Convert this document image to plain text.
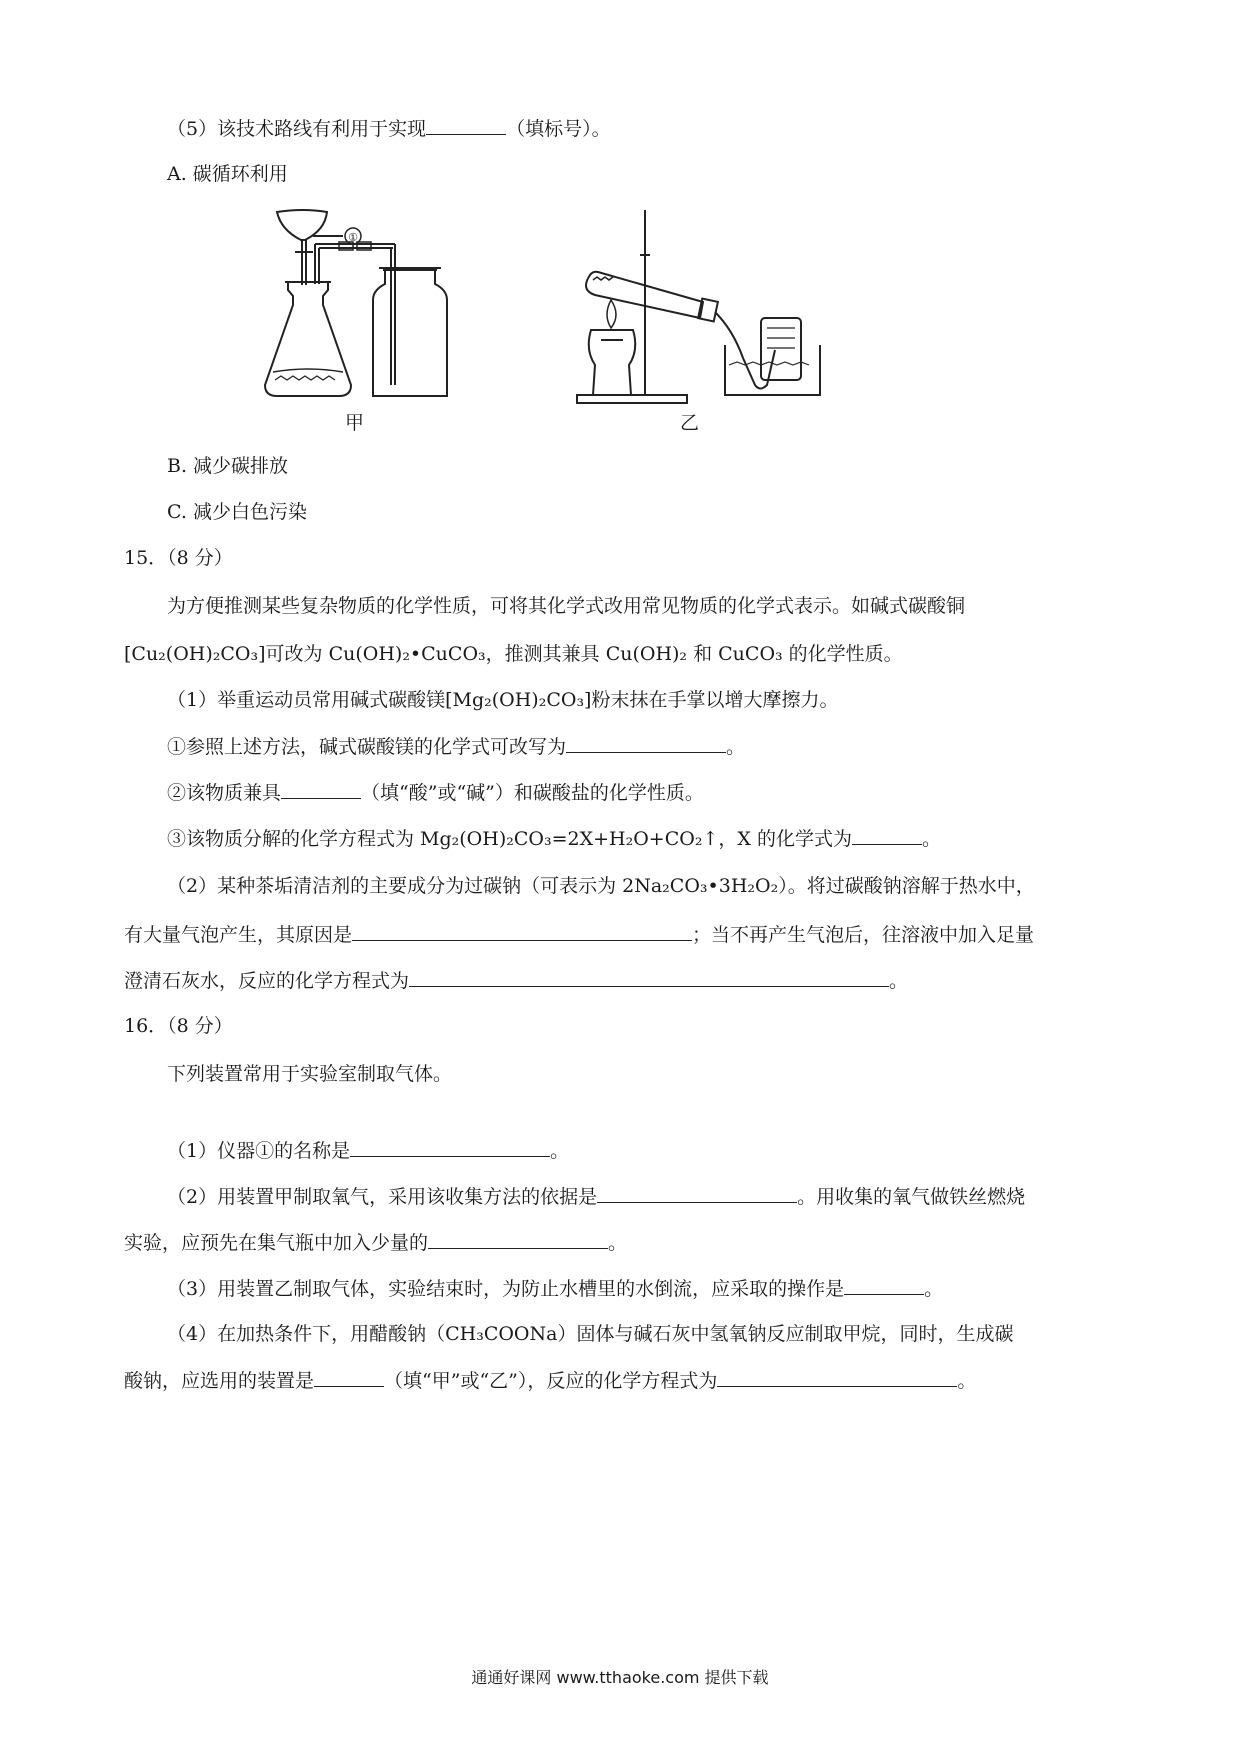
（5）该技术路线有利用于实现	（填标号）。
A. 碳循环利用
①
甲	乙
B. 减少碳排放
C. 减少白色污染
15．（8 分）
为方便推测某些复杂物质的化学性质，可将其化学式改用常见物质的化学式表示。如碱式碳酸铜
[Cu₂(OH)₂CO₃]可改为 Cu(OH)₂•CuCO₃，推测其兼具 Cu(OH)₂ 和 CuCO₃ 的化学性质。
（1）举重运动员常用碱式碳酸镁[Mg₂(OH)₂CO₃]粉末抹在手掌以增大摩擦力。
①参照上述方法，碱式碳酸镁的化学式可改写为	。
②该物质兼具	（填“酸”或“碱”）和碳酸盐的化学性质。
③该物质分解的化学方程式为 Mg₂(OH)₂CO₃=2X+H₂O+CO₂↑，X 的化学式为	。
（2）某种茶垢清洁剂的主要成分为过碳钠（可表示为 2Na₂CO₃•3H₂O₂）。将过碳酸钠溶解于热水中，
有大量气泡产生，其原因是	；当不再产生气泡后，往溶液中加入足量
澄清石灰水，反应的化学方程式为	。
16．（8 分）
下列装置常用于实验室制取气体。
（1）仪器①的名称是	。
（2）用装置甲制取氧气，采用该收集方法的依据是	。用收集的氧气做铁丝燃烧
实验，应预先在集气瓶中加入少量的	。
（3）用装置乙制取气体，实验结束时，为防止水槽里的水倒流，应采取的操作是	。
（4）在加热条件下，用醋酸钠（CH₃COONa）固体与碱石灰中氢氧钠反应制取甲烷，同时，生成碳
酸钠，应选用的装置是	（填“甲”或“乙”），反应的化学方程式为	。
通通好课网 www.tthaoke.com 提供下载
